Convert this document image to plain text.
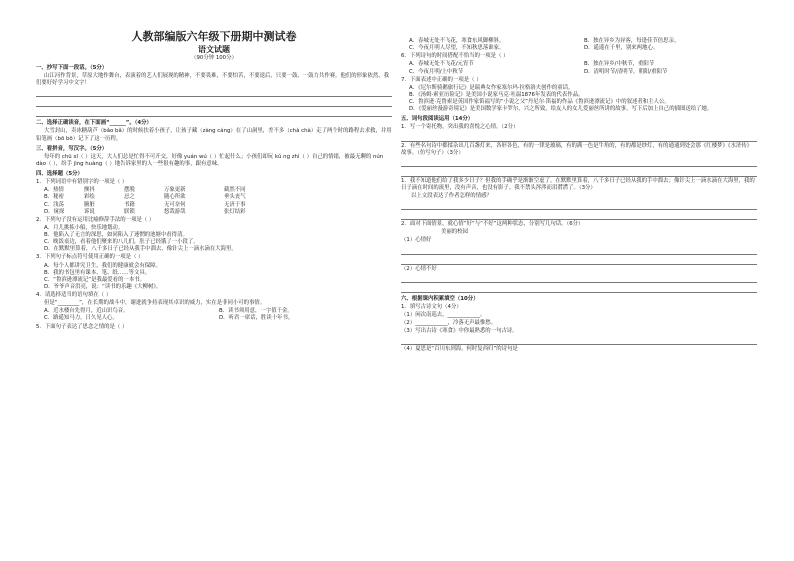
人教部编版六年级下册期中测试卷
语文试题
（90分钟 100分）
一、抄写下面一段话。（5分）
山江河作背景，草原大地作舞台，表演着的艺人们展现的精神，不要畏难，不要怕苦，不要退后，只要一鼓、一鼓力共作赛。他们的形象依然，我们要好好学习中文字！
二、选择正确读音，在下面画“______”。（4分）
大雪封山，卖冰糖葫芦（bǎo bǎ）的时候扶着小孩子，让孩子藏（zàng cáng）在了山洞里，差不多（chà chà）走了两个时的路程去求救，并用铅笔画（bō bō）记下了这一历程。
三、看拼音，写汉字。（5分）
每年的 chū xī（ ）这天，大人们总是忙得不可开交，好像 yuán wú（ ）忙起什么；小孩们却玩 kǔ ng zhì（ ）自己的情绪，被最无聊的 nún dào（ ），纷手 jìng huàng（ ）地告诉家里的人一些很有趣的事，跟有意味。
四、选择题（5分）
1．下列词语中有错别字的一项是（ ）
A．热情	颤抖	摆脱	万象更新	截然不同
B．秘密	彩绘	忌之	随心所欲	垂头丧气
C．浅荡	腑脏	书籍	无可奈何	无济于事
D．窥探	诉说	联锁	悠哉游哉	张灯结彩
2．下列句子没有运用比喻修辞手法的一项是（ ）
A．月儿挑拣小船，快乐地划动。
B．他陷入了无言的深思，如同陷入了迷惘的池塘中看得清。
C．晚饭桌边，看着他们聚来的八儿们，肚子已经饿了一小段了。
D．在默默里算着，八千多日子已经从我手中溜去，像针尖上一滴水滴在大海里。
3．下列句子标点符号使用正确的一项是（ ）
A．每个人都讲究卫生，我们的健康就会有保障。
B．我的书包里有课本、笔、纸……等文具。
C．“鲁滨逊漂流记”是我最爱看的一本书。
D．爷爷声音洪亮，说：“读书的乐趣《大柳树》。
4．请选择适当的语句填在（ ）
但是“________”，在长期的战斗中，谢进就争持表现其卓识的威力，实在是非同小可的事情。
A．近水楼台先得月，近山识鸟音。	B．读书须用意，一字值千金。
C．路遥知马力，日久见人心。	D．听君一席话，胜读十年书。
5．下面句子表达了思念之情的是（ ）
A．春城无处不飞花，寒食东风御柳斜。	B．独在异乡为异客，每逢佳节倍思亲。
C．今夜月明人尽望，不知秋思落谁家。	D．遥遥在千里，别来两地心。
6．下列诗句的时间搭配不恰当的一项是（ ）
A．春城无处不飞花/元宵节	B．独在异乡/中秋节，重阳节
C．今夜月明/上中秋节	D．清明时节/清明节，朝阳/重阳节
7．下面表述中正确的一项是（ ）
A．《尼尔斯骑鹅旅行记》是瑞典女作家塞尔玛·拉格洛夫创作的童话。
B．《汤姆·索亚历险记》是美国小说家马克·吐温1876年发表的代表作品。
C．鲁滨逊·克鲁索是英国作家笛福写的“小说之父”丹尼尔·笛福的作品《鲁滨逊漂流记》中的叙述者和主人公。
D．《爱丽丝漫游奇境记》是美国数学家卡罗尔，兴之所致，给友人的女儿爱丽丝所讲的故事，写下后加上自己的插图送给了她。
五、词句段阅读运用（14分）
1．写一个寄托物，突出我的喜悦之心情。（2分）
2．有些名句诗中都揉杂出几百盏灯来，各形各色，有的一律是玻璃，有的满一色是牛角的，有的都是纱灯，有的通通到处会那《红楼梦》《水浒传》故事。（仿写句子）（3分）
1．我不知道他们给了我多少日子？但我的手确乎是渐渐空虚了。在默默里算着，八千多日子已经从我的手中溜去；像针尖上一滴水滴在大海里，我的日子滴在时间的流里，没有声音，也没有影子。我不禁头涔涔而泪潸潸了。（3分）
以上文段表达了作者怎样的情感？
2．面对下面情景，就心情“好”与“不好”这两种状态，分别写几句话。（6分）
美丽的校园
（1）心情好
（2）心情不好
六、根据课内积累填空（10分）
1．填写古诗文句（4分）
（1）闲次南巡去，____________。
（2）____________，冷落无声最惟愁。
（3）写出古诗《寒食》中你最熟悉的一句古诗。
（4）夏思是“百川东到海，何时复西归”的诗句是
